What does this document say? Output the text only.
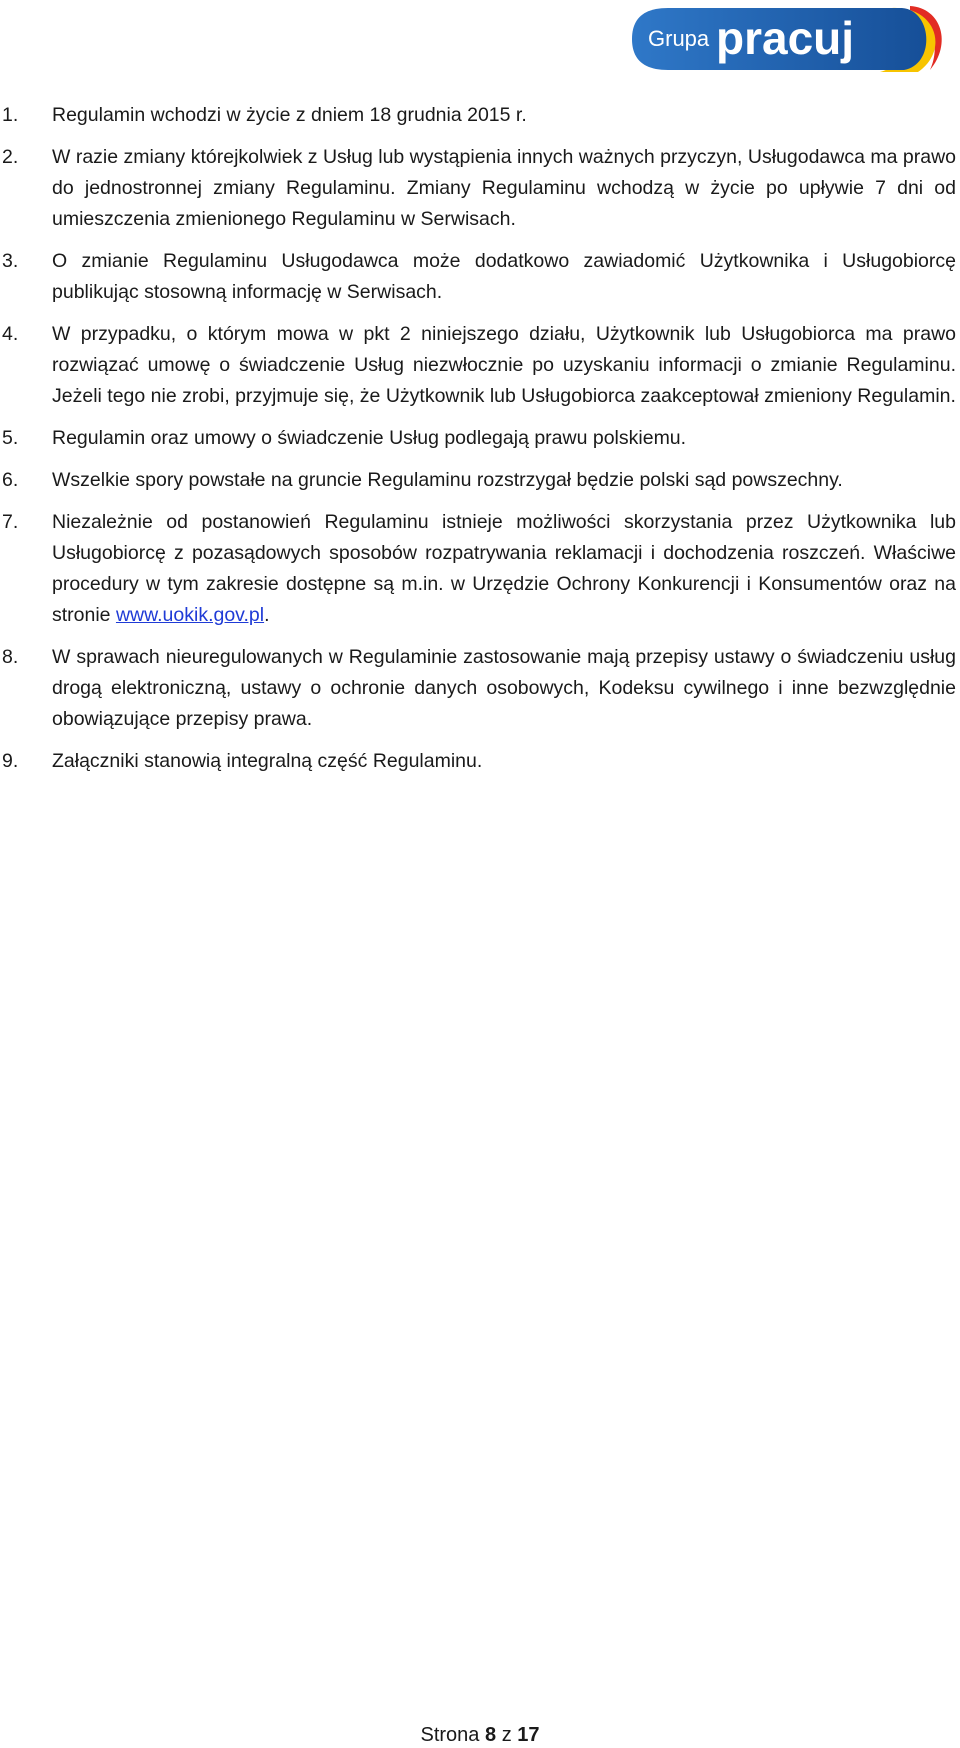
Grupa pracuj
1. Regulamin wchodzi w życie z dniem 18 grudnia 2015 r.
2. W razie zmiany którejkolwiek z Usług lub wystąpienia innych ważnych przyczyn, Usługodawca ma prawo do jednostronnej zmiany Regulaminu. Zmiany Regulaminu wchodzą w życie po upływie 7 dni od umieszczenia zmienionego Regulaminu w Serwisach.
3. O zmianie Regulaminu Usługodawca może dodatkowo zawiadomić Użytkownika i Usługobiorcę publikując stosowną informację w Serwisach.
4. W przypadku, o którym mowa w pkt 2 niniejszego działu, Użytkownik lub Usługobiorca ma prawo rozwiązać umowę o świadczenie Usług niezwłocznie po uzyskaniu informacji o zmianie Regulaminu. Jeżeli tego nie zrobi, przyjmuje się, że Użytkownik lub Usługobiorca zaakceptował zmieniony Regulamin.
5. Regulamin oraz umowy o świadczenie Usług podlegają prawu polskiemu.
6. Wszelkie spory powstałe na gruncie Regulaminu rozstrzygał będzie polski sąd powszechny.
7. Niezależnie od postanowień Regulaminu istnieje możliwości skorzystania przez Użytkownika lub Usługobiorcę z pozasądowych sposobów rozpatrywania reklamacji i dochodzenia roszczeń. Właściwe procedury w tym zakresie dostępne są m.in. w Urzędzie Ochrony Konkurencji i Konsumentów oraz na stronie www.uokik.gov.pl.
8. W sprawach nieuregulowanych w Regulaminie zastosowanie mają przepisy ustawy o świadczeniu usług drogą elektroniczną, ustawy o ochronie danych osobowych, Kodeksu cywilnego i inne bezwzględnie obowiązujące przepisy prawa.
9. Załączniki stanowią integralną część Regulaminu.
Strona 8 z 17
